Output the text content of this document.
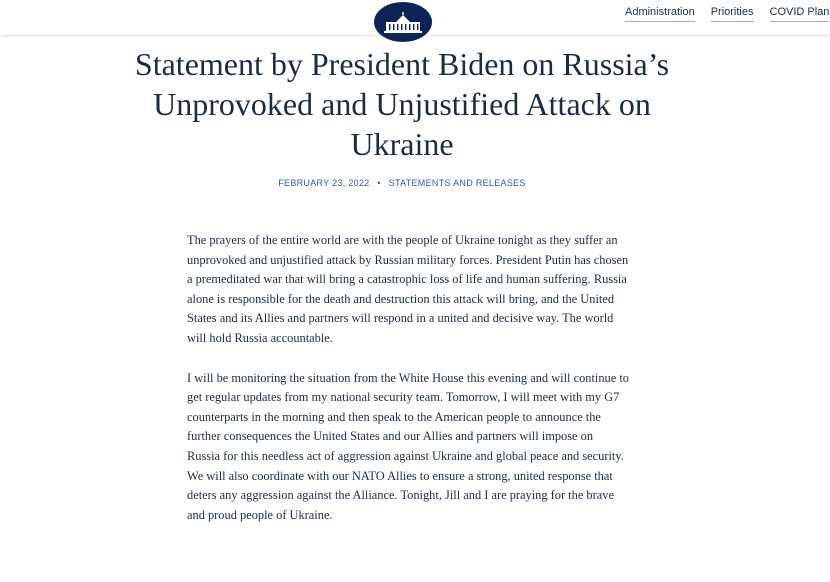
Administration Priorities COVID Plan
Statement by President Biden on Russia’s Unprovoked and Unjustified Attack on Ukraine
FEBRUARY 23, 2022 • STATEMENTS AND RELEASES

The prayers of the entire world are with the people of Ukraine tonight as they suffer an unprovoked and unjustified attack by Russian military forces. President Putin has chosen a premeditated war that will bring a catastrophic loss of life and human suffering. Russia alone is responsible for the death and destruction this attack will bring, and the United States and its Allies and partners will respond in a united and decisive way. The world will hold Russia accountable.

I will be monitoring the situation from the White House this evening and will continue to get regular updates from my national security team. Tomorrow, I will meet with my G7 counterparts in the morning and then speak to the American people to announce the further consequences the United States and our Allies and partners will impose on Russia for this needless act of aggression against Ukraine and global peace and security. We will also coordinate with our NATO Allies to ensure a strong, united response that deters any aggression against the Alliance. Tonight, Jill and I are praying for the brave and proud people of Ukraine.
